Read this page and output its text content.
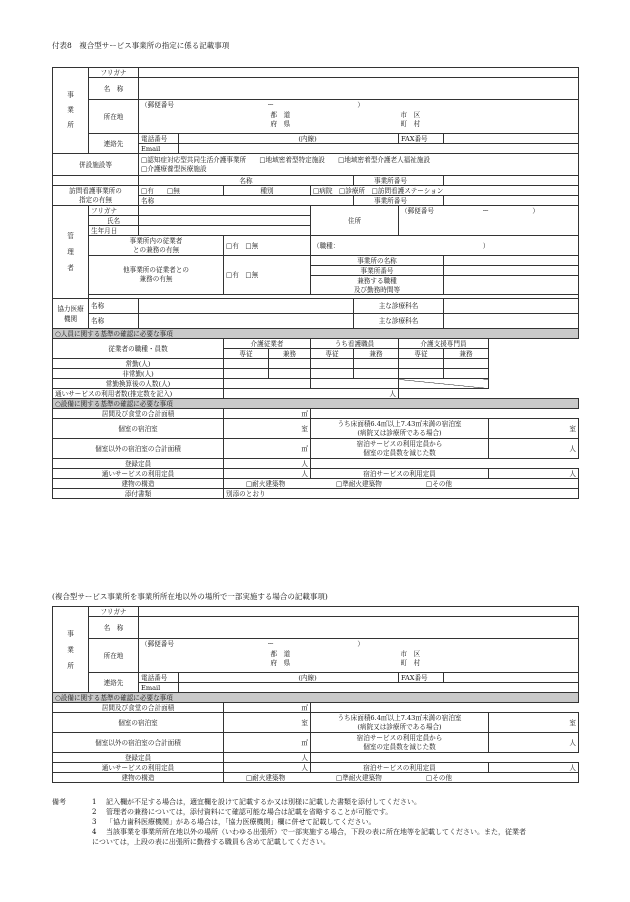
付表8　複合型サービス事業所の指定に係る記載事項
事
業
所	フリガナ									
	名　称									
	所在地	（郵便番号 ー ）								
					都　道			市　区		
					府　県			町　村		
	連絡先	電話番号	(内線)					FAX番号		
		Email								
併設施設等		□認知症対応型共同生活介護事業所　　 □地域密着型特定施設　　 □地域密着型介護老人福祉施設
□介護療養型医療施設								
		名称					事業所番号			
訪問看護事業所の
指定の有無		□有　　 □無		種別		□病院　 □診療所　 □訪問看護ステーション				
		名称					事業所番号			
管
理
者	フリガナ					住所		（郵便番号 ー ）		
	氏名									
	生年月日									
	事業所内の従業者
との兼務の有無			□有　 □無		（職種： ）				
	他事業所の従業者との
兼務の有無			□有　 □無		事業所の名称				
						事業所番号				
						兼務する職種				
						及び勤務時間等				

協力医療
機関	名称						主な診療科名			
	名称						主な診療科名			
○人員に関する基準の確認に必要な事項										
従業者の職種・員数				介護従業者		うち看護職員		介護支援専門員		
				専従	兼務	専従	兼務	専従	兼務	
常勤(人)										
非常勤(人)										
常勤換算後の人数(人)										
通いサービスの利用者数(推定数を記入)				人						
○設備に関する基準の確認に必要な事項										
居間及び食堂の合計面積				㎡						
個室の宿泊室				室		うち床面積6.4㎡以上7.43㎡未満の宿泊室
(病院又は診療所である場合)				室
個室以外の宿泊室の合計面積				㎡		宿泊サービスの利用定員から
個室の定員数を減じた数				人
登録定員				人						
通いサービスの利用定員				人		宿泊サービスの利用定員				人
建物の構造				□耐火建築物 □準耐火建築物 □その他						
添付書類				別添のとおり						
(複合型サービス事業所を事業所所在地以外の場所で一部実施する場合の記載事項)
事
業
所	フリガナ								
	名　称								
	所在地	（郵便番号 ー ）							
					都　道		市　区		
					府　県		町　村		
	連絡先	電話番号	(内線)				FAX番号		
		Email							
○設備に関する基準の確認に必要な事項									
居間及び食堂の合計面積				㎡					
個室の宿泊室				室		うち床面積6.4㎡以上7.43㎡未満の宿泊室
(病院又は診療所である場合)			室
個室以外の宿泊室の合計面積				㎡		宿泊サービスの利用定員から
個室の定員数を減じた数			人
登録定員				人					
通いサービスの利用定員				人		宿泊サービスの利用定員			人
建物の構造				□耐火建築物 □準耐火建築物 □その他					
備考	1 記入欄が不足する場合は，適宜欄を設けて記載するか又は別様に記載した書類を添付してください。
2 管理者の兼務については，添付資料にて確認可能な場合は記載を省略することが可能です。
3 「協力歯科医療機関」がある場合は，「協力医療機関」欄に併せて記載してください。
4 当該事業を事業所所在地以外の場所（いわゆる出張所）で一部実施する場合，下段の表に所在地等を記載してください。また，従業者
については，上段の表に出張所に勤務する職員も含めて記載してください。
